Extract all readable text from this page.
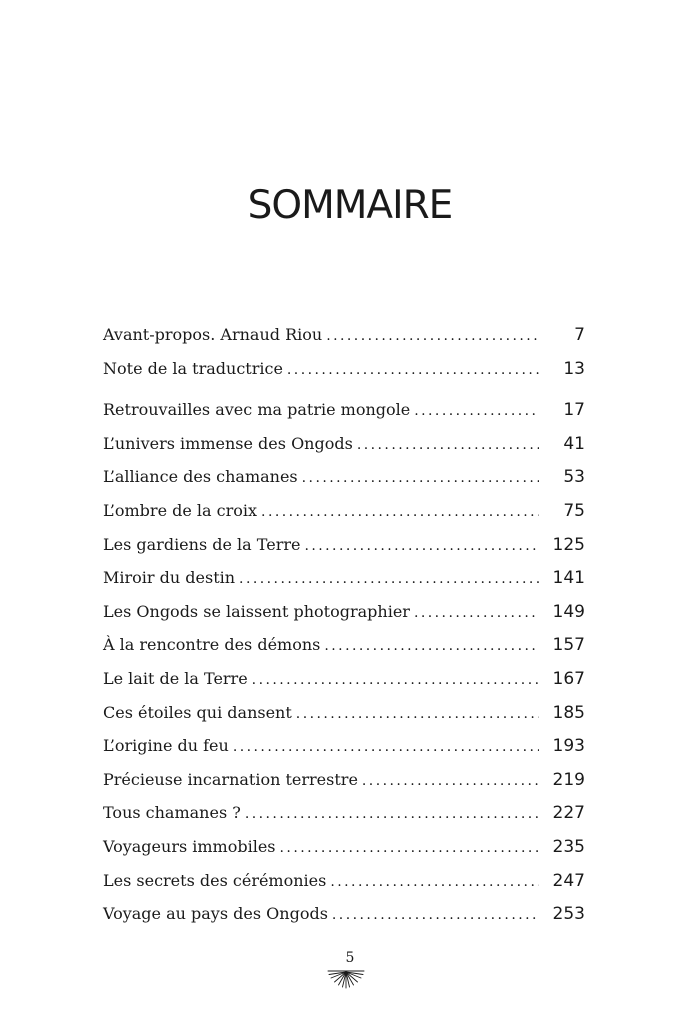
SOMMAIRE
Avant-propos. Arnaud Riou . . .	7
Note de la traductrice . . .	13
Retrouvailles avec ma patrie mongole . . .	17
L’univers immense des Ongods . . .	41
L’alliance des chamanes . . .	53
L’ombre de la croix . . .	75
Les gardiens de la Terre . . .	125
Miroir du destin . . .	141
Les Ongods se laissent photographier . . .	149
À la rencontre des démons . . .	157
Le lait de la Terre . . .	167
Ces étoiles qui dansent . . .	185
L’origine du feu . . .	193
Précieuse incarnation terrestre . . .	219
Tous chamanes ? . . .	227
Voyageurs immobiles . . .	235
Les secrets des cérémonies . . .	247
Voyage au pays des Ongods . . .	253
5
